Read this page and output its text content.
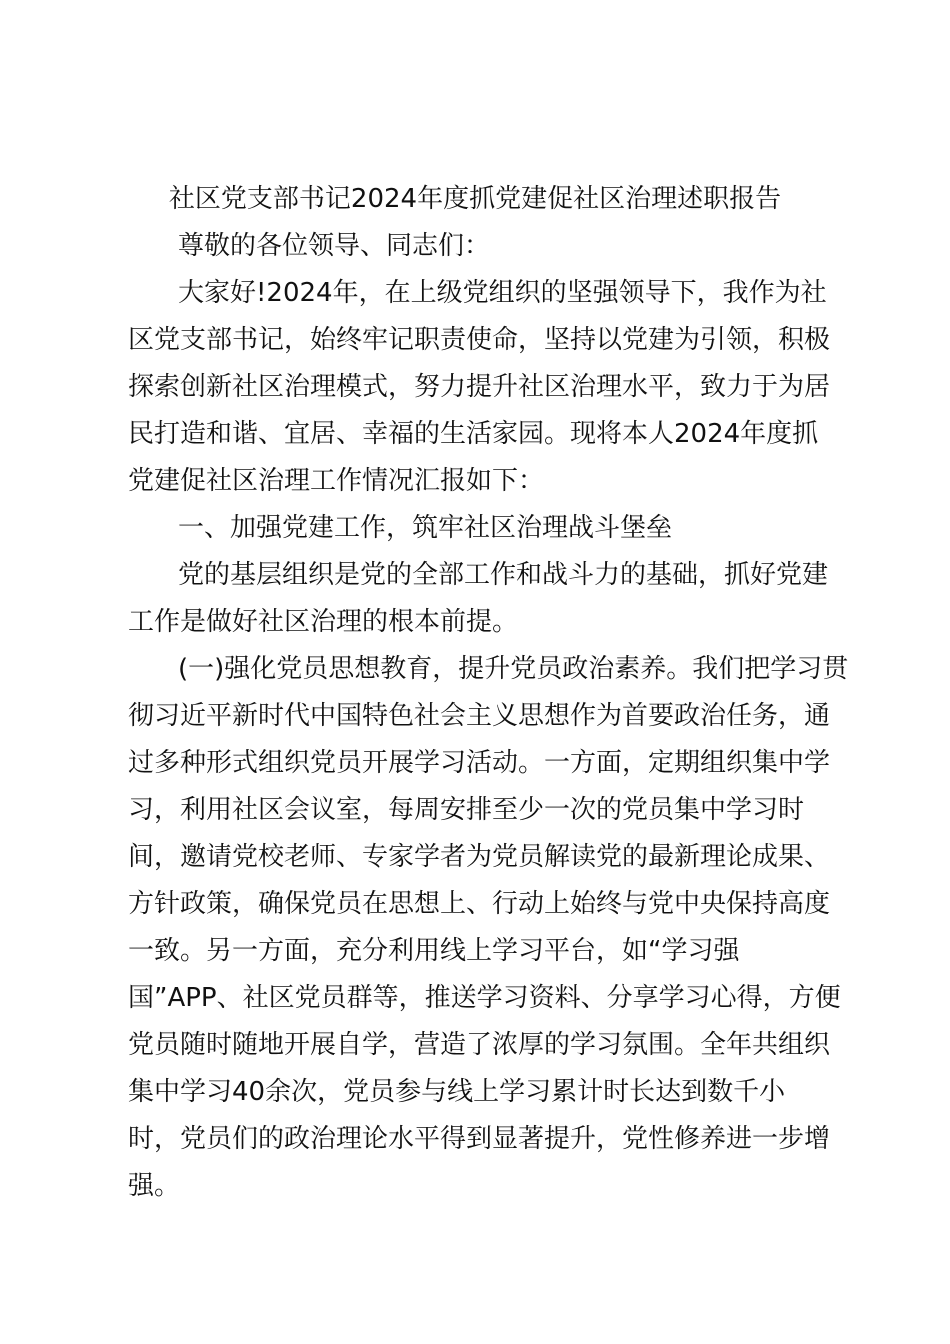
社区党支部书记2024年度抓党建促社区治理述职报告

尊敬的各位领导、同志们：

大家好!2024年，在上级党组织的坚强领导下，我作为社

区党支部书记，始终牢记职责使命，坚持以党建为引领，积极

探索创新社区治理模式，努力提升社区治理水平，致力于为居

民打造和谐、宜居、幸福的生活家园。现将本人2024年度抓

党建促社区治理工作情况汇报如下：

一、加强党建工作，筑牢社区治理战斗堡垒

党的基层组织是党的全部工作和战斗力的基础，抓好党建

工作是做好社区治理的根本前提。

(一)强化党员思想教育，提升党员政治素养。我们把学习贯

彻习近平新时代中国特色社会主义思想作为首要政治任务，通

过多种形式组织党员开展学习活动。一方面，定期组织集中学

习，利用社区会议室，每周安排至少一次的党员集中学习时

间，邀请党校老师、专家学者为党员解读党的最新理论成果、

方针政策，确保党员在思想上、行动上始终与党中央保持高度

一致。另一方面，充分利用线上学习平台，如“学习强

国”APP、社区党员群等，推送学习资料、分享学习心得，方便

党员随时随地开展自学，营造了浓厚的学习氛围。全年共组织

集中学习40余次，党员参与线上学习累计时长达到数千小

时，党员们的政治理论水平得到显著提升，党性修养进一步增

强。
